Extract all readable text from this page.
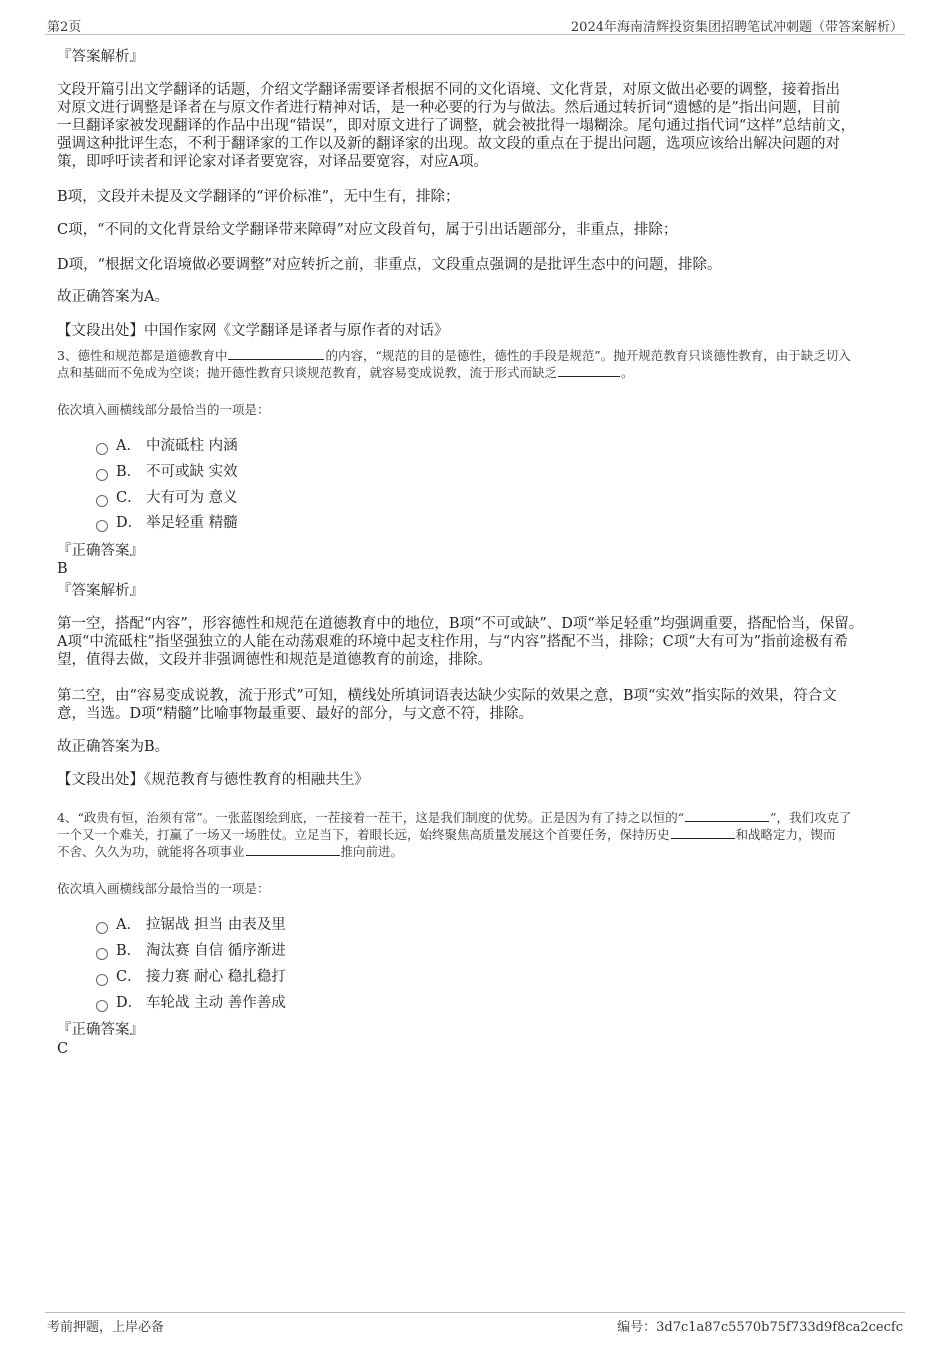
第2页	2024年海南清辉投资集团招聘笔试冲刺题（带答案解析）
『答案解析』
文段开篇引出文学翻译的话题，介绍文学翻译需要译者根据不同的文化语境、文化背景，对原文做出必要的调整，接着指出
对原文进行调整是译者在与原文作者进行精神对话，是一种必要的行为与做法。然后通过转折词“遗憾的是”指出问题，目前
一旦翻译家被发现翻译的作品中出现“错误”，即对原文进行了调整，就会被批得一塌糊涂。尾句通过指代词“这样”总结前文，
强调这种批评生态，不利于翻译家的工作以及新的翻译家的出现。故文段的重点在于提出问题，选项应该给出解决问题的对
策，即呼吁读者和评论家对译者要宽容，对译品要宽容，对应A项。
B项，文段并未提及文学翻译的“评价标准”，无中生有，排除；
C项，“不同的文化背景给文学翻译带来障碍”对应文段首句，属于引出话题部分，非重点，排除；
D项，“根据文化语境做必要调整”对应转折之前，非重点，文段重点强调的是批评生态中的问题，排除。
故正确答案为A。
【文段出处】中国作家网《文学翻译是译者与原作者的对话》
3、德性和规范都是道德教育中	的内容，“规范的目的是德性，德性的手段是规范”。抛开规范教育只谈德性教育，由于缺乏切入
点和基础而不免成为空谈；抛开德性教育只谈规范教育，就容易变成说教，流于形式而缺乏	。
依次填入画横线部分最恰当的一项是：
A． 中流砥柱 内涵
B． 不可或缺 实效
C． 大有可为 意义
D． 举足轻重 精髓
『正确答案』
B
『答案解析』
第一空，搭配“内容”，形容德性和规范在道德教育中的地位，B项“不可或缺”、D项“举足轻重”均强调重要，搭配恰当，保留。
A项“中流砥柱”指坚强独立的人能在动荡艰难的环境中起支柱作用，与“内容”搭配不当，排除；C项“大有可为”指前途极有希
望，值得去做，文段并非强调德性和规范是道德教育的前途，排除。
第二空，由“容易变成说教，流于形式”可知，横线处所填词语表达缺少实际的效果之意，B项“实效”指实际的效果，符合文
意，当选。D项“精髓”比喻事物最重要、最好的部分，与文意不符，排除。
故正确答案为B。
【文段出处】《规范教育与德性教育的相融共生》
4、“政贵有恒，治须有常”。一张蓝图绘到底，一茬接着一茬干，这是我们制度的优势。正是因为有了持之以恒的“	”，我们攻克了
一个又一个难关，打赢了一场又一场胜仗。立足当下，着眼长远，始终聚焦高质量发展这个首要任务，保持历史	和战略定力，锲而
不舍、久久为功，就能将各项事业	推向前进。
依次填入画横线部分最恰当的一项是：
A． 拉锯战 担当 由表及里
B． 淘汰赛 自信 循序渐进
C． 接力赛 耐心 稳扎稳打
D． 车轮战 主动 善作善成
『正确答案』
C
考前押题，上岸必备	编号：3d7c1a87c5570b75f733d9f8ca2cecfc
